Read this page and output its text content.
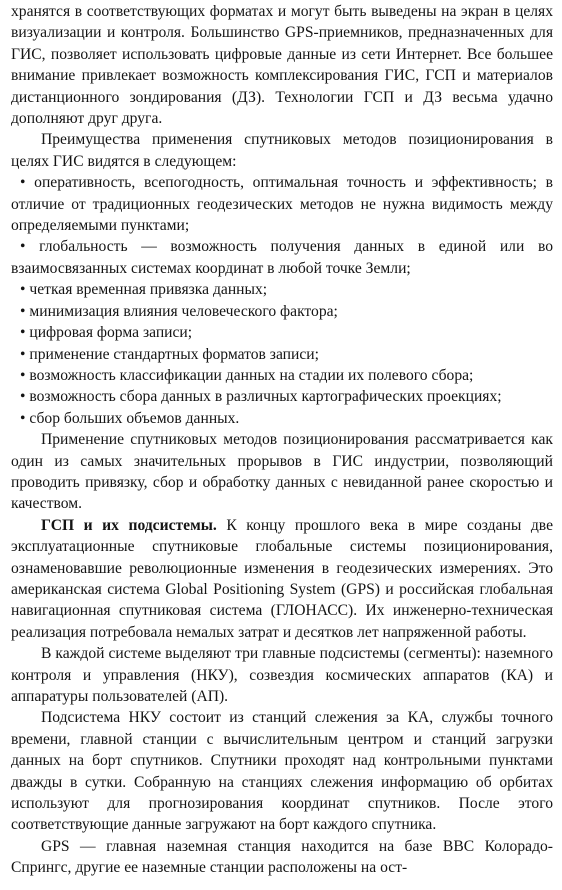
хранятся в соответствующих форматах и могут быть выведены на экран в целях визуализации и контроля. Большинство GPS-приемников, предназначенных для ГИС, позволяет использовать цифровые данные из сети Интернет. Все большее внимание привлекает возможность комплексирования ГИС, ГСП и материалов дистанционного зондирования (ДЗ). Технологии ГСП и ДЗ весьма удачно дополняют друг друга.

Преимущества применения спутниковых методов позиционирования в целях ГИС видятся в следующем:

• оперативность, всепогодность, оптимальная точность и эффективность; в отличие от традиционных геодезических методов не нужна видимость между определяемыми пунктами;

• глобальность — возможность получения данных в единой или во взаимосвязанных системах координат в любой точке Земли;

• четкая временная привязка данных;

• минимизация влияния человеческого фактора;

• цифровая форма записи;

• применение стандартных форматов записи;

• возможность классификации данных на стадии их полевого сбора;

• возможность сбора данных в различных картографических проекциях;

• сбор больших объемов данных.

Применение спутниковых методов позиционирования рассматривается как один из самых значительных прорывов в ГИС индустрии, позволяющий проводить привязку, сбор и обработку данных с невиданной ранее скоростью и качеством.

ГСП и их подсистемы. К концу прошлого века в мире созданы две эксплуатационные спутниковые глобальные системы позиционирования, ознаменовавшие революционные изменения в геодезических измерениях. Это американская система Global Positioning System (GPS) и российская глобальная навигационная спутниковая система (ГЛОНАСС). Их инженерно-техническая реализация потребовала немалых затрат и десятков лет напряженной работы.

В каждой системе выделяют три главные подсистемы (сегменты): наземного контроля и управления (НКУ), созвездия космических аппаратов (КА) и аппаратуры пользователей (АП).

Подсистема НКУ состоит из станций слежения за КА, службы точного времени, главной станции с вычислительным центром и станций загрузки данных на борт спутников. Спутники проходят над контрольными пунктами дважды в сутки. Собранную на станциях слежения информацию об орбитах используют для прогнозирования координат спутников. После этого соответствующие данные загружают на борт каждого спутника.

GPS — главная наземная станция находится на базе ВВС Колорадо-Спрингс, другие ее наземные станции расположены на ост-
